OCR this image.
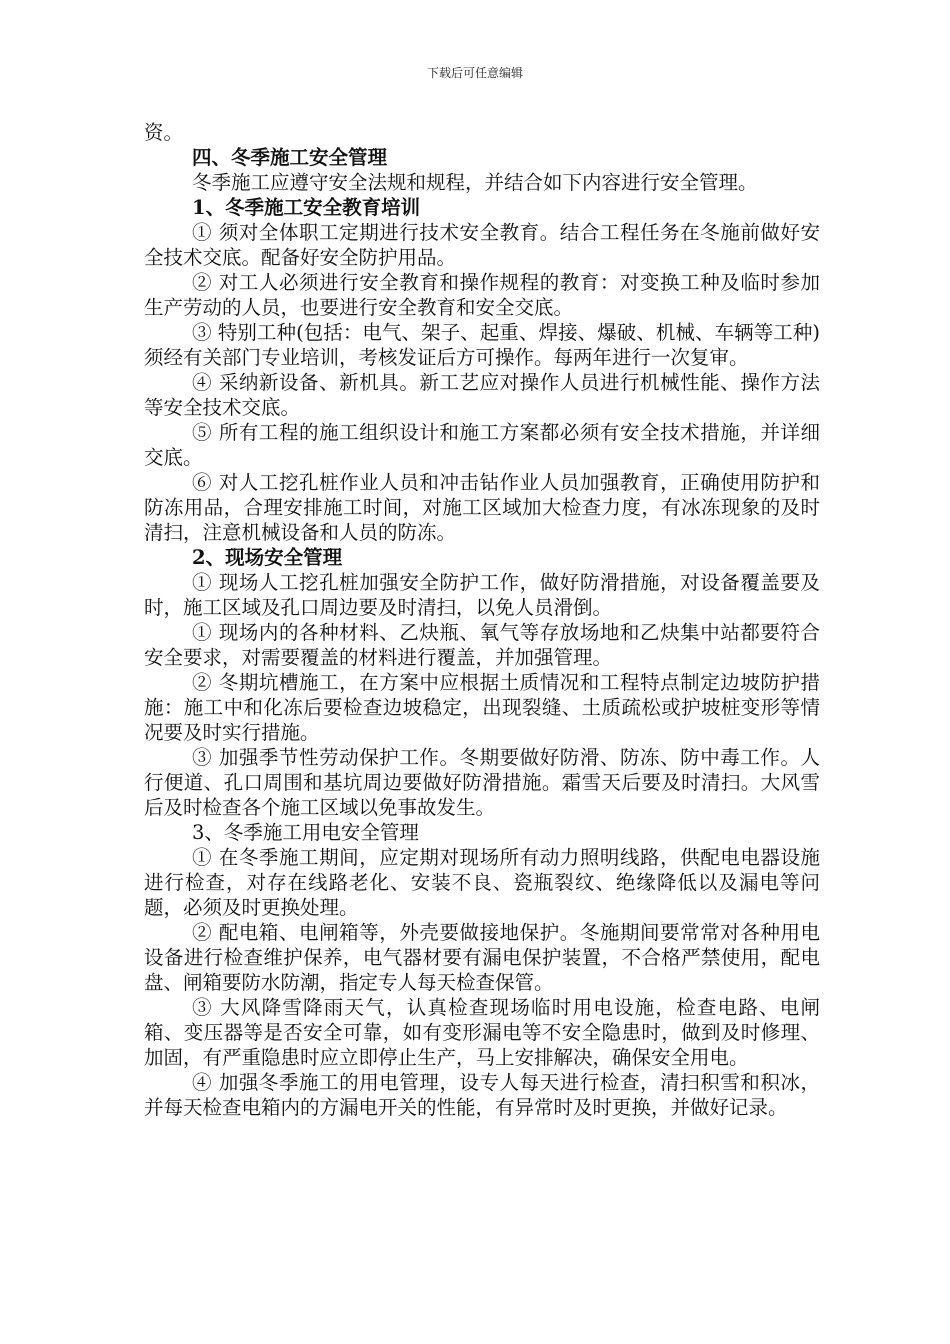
下载后可任意编辑

资。

四、冬季施工安全管理

冬季施工应遵守安全法规和规程，并结合如下内容进行安全管理。

1、冬季施工安全教育培训

① 须对全体职工定期进行技术安全教育。结合工程任务在冬施前做好安全技术交底。配备好安全防护用品。

② 对工人必须进行安全教育和操作规程的教育：对变换工种及临时参加生产劳动的人员，也要进行安全教育和安全交底。

③ 特别工种(包括：电气、架子、起重、焊接、爆破、机械、车辆等工种)须经有关部门专业培训，考核发证后方可操作。每两年进行一次复审。

④ 采纳新设备、新机具。新工艺应对操作人员进行机械性能、操作方法等安全技术交底。

⑤ 所有工程的施工组织设计和施工方案都必须有安全技术措施，并详细交底。

⑥ 对人工挖孔桩作业人员和冲击钻作业人员加强教育，正确使用防护和防冻用品，合理安排施工时间，对施工区域加大检查力度，有冰冻现象的及时清扫，注意机械设备和人员的防冻。

2、现场安全管理

① 现场人工挖孔桩加强安全防护工作，做好防滑措施，对设备覆盖要及时，施工区域及孔口周边要及时清扫，以免人员滑倒。

① 现场内的各种材料、乙炔瓶、氧气等存放场地和乙炔集中站都要符合安全要求，对需要覆盖的材料进行覆盖，并加强管理。

② 冬期坑槽施工，在方案中应根据土质情况和工程特点制定边坡防护措施：施工中和化冻后要检查边坡稳定，出现裂缝、土质疏松或护坡桩变形等情况要及时实行措施。

③ 加强季节性劳动保护工作。冬期要做好防滑、防冻、防中毒工作。人行便道、孔口周围和基坑周边要做好防滑措施。霜雪天后要及时清扫。大风雪后及时检查各个施工区域以免事故发生。

3、冬季施工用电安全管理

① 在冬季施工期间，应定期对现场所有动力照明线路，供配电电器设施进行检查，对存在线路老化、安装不良、瓷瓶裂纹、绝缘降低以及漏电等问题，必须及时更换处理。

② 配电箱、电闸箱等，外壳要做接地保护。冬施期间要常常对各种用电设备进行检查维护保养，电气器材要有漏电保护装置，不合格严禁使用，配电盘、闸箱要防水防潮，指定专人每天检查保管。

③ 大风降雪降雨天气，认真检查现场临时用电设施，检查电路、电闸箱、变压器等是否安全可靠，如有变形漏电等不安全隐患时，做到及时修理、加固，有严重隐患时应立即停止生产，马上安排解决，确保安全用电。

④ 加强冬季施工的用电管理，设专人每天进行检查，清扫积雪和积冰，并每天检查电箱内的方漏电开关的性能，有异常时及时更换，并做好记录。
